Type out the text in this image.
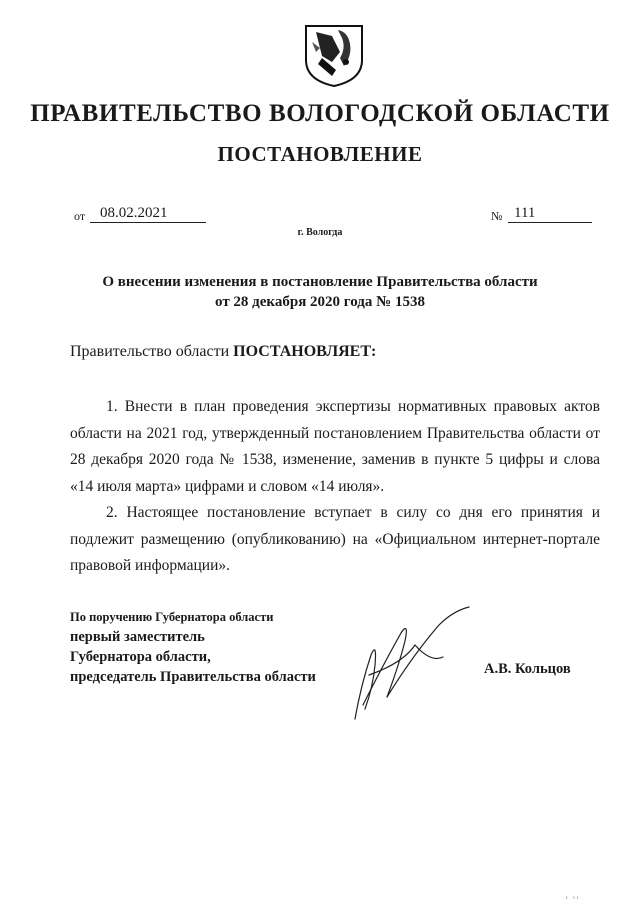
ПРАВИТЕЛЬСТВО ВОЛОГОДСКОЙ ОБЛАСТИ
ПОСТАНОВЛЕНИЕ
от 08.02.2021	№ 111
г. Вологда
О внесении изменения в постановление Правительства области
от 28 декабря 2020 года № 1538
Правительство области ПОСТАНОВЛЯЕТ:
1. Внести в план проведения экспертизы нормативных правовых актов области на 2021 год, утвержденный постановлением Правительства области от 28 декабря 2020 года № 1538, изменение, заменив в пункте 5 цифры и слова «14 июля марта» цифрами и словом «14 июля».
2. Настоящее постановление вступает в силу со дня его принятия и подлежит размещению (опубликованию) на «Официальном интернет-портале правовой информации».
По поручению Губернатора области
первый заместитель
Губернатора области,
председатель Правительства области	А.В. Кольцов
ı ıı
